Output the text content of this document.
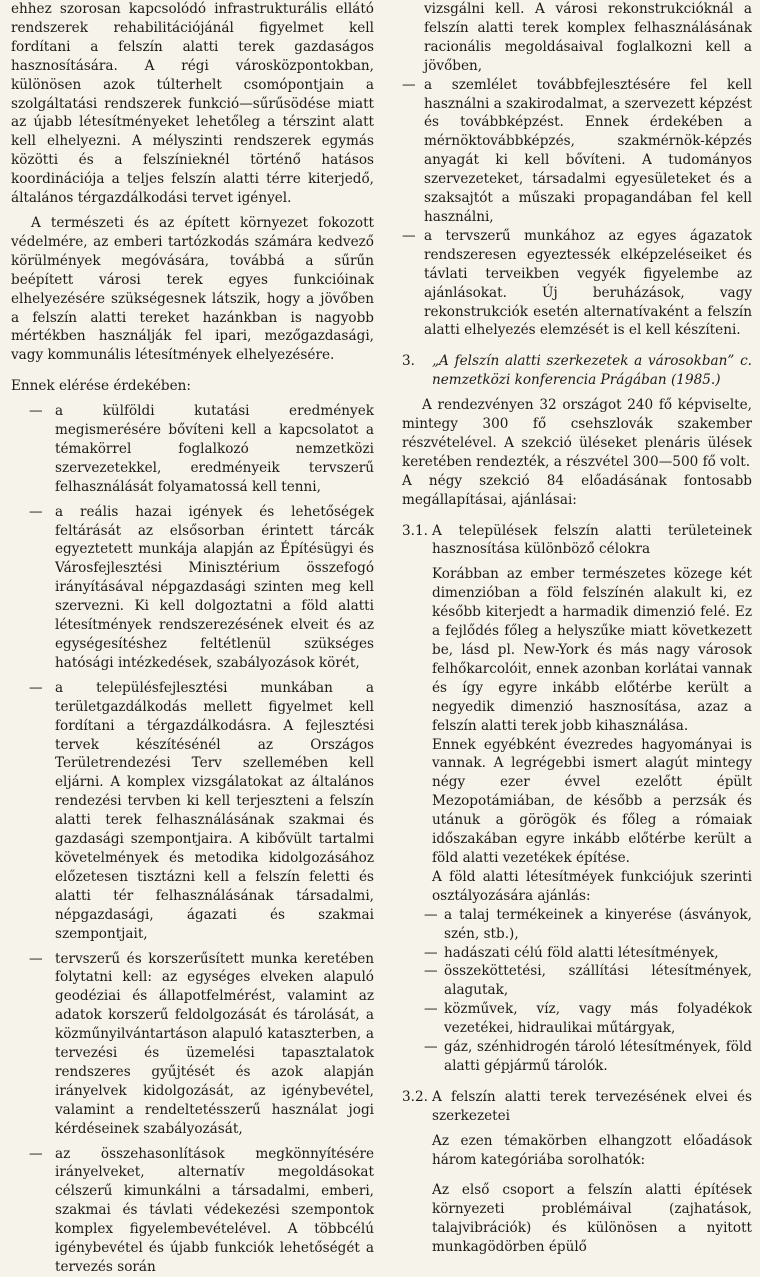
ehhez szorosan kapcsolódó infrastrukturális ellátó rendszerek rehabilitációjánál figyelmet kell fordítani a felszín alatti terek gazdaságos hasznosítására. A régi városközpontokban, különösen azok túlterhelt csomópontjain a szolgáltatási rendszerek funkció—sűrűsödése miatt az újabb létesítményeket lehetőleg a térszint alatt kell elhelyezni. A mélyszinti rendszerek egymás közötti és a felszínieknél történő hatásos koordinációja a teljes felszín alatti térre kiterjedő, általános térgazdálkodási tervet igényel.

A természeti és az épített környezet fokozott védelmére, az emberi tartózkodás számára kedvező körülmények megóvására, továbbá a sűrűn beépített városi terek egyes funkcióinak elhelyezésére szükségesnek látszik, hogy a jövőben a felszín alatti tereket hazánkban is nagyobb mértékben használják fel ipari, mezőgazdasági, vagy kommunális létesítmények elhelyezésére.

Ennek elérése érdekében:

— a külföldi kutatási eredmények megismerésére bővíteni kell a kapcsolatot a témakörrel foglalkozó nemzetközi szervezetekkel, eredményeik tervszerű felhasználását folyamatossá kell tenni,
— a reális hazai igények és lehetőségek feltárását az elsősorban érintett tárcák egyeztetett munkája alapján az Építésügyi és Városfejlesztési Minisztérium összefogó irányításával népgazdasági szinten meg kell szervezni. Ki kell dolgoztatni a föld alatti létesítmények rendszerezésének elveit és az egységesítéshez feltétlenül szükséges hatósági intézkedések, szabályozások körét,
— a településfejlesztési munkában a területgazdálkodás mellett figyelmet kell fordítani a térgazdálkodásra. A fejlesztési tervek készítésénél az Országos Területrendezési Terv szellemében kell eljárni. A komplex vizsgálatokat az általános rendezési tervben ki kell terjeszteni a felszín alatti terek felhasználásának szakmai és gazdasági szempontjaira. A kibővült tartalmi követelmények és metodika kidolgozásához előzetesen tisztázni kell a felszín feletti és alatti tér felhasználásának társadalmi, népgazdasági, ágazati és szakmai szempontjait,
— tervszerű és korszerűsített munka keretében folytatni kell: az egységes elveken alapuló geodéziai és állapotfelmérést, valamint az adatok korszerű feldolgozását és tárolását, a közműnyilvántartáson alapuló kataszterben, a tervezési és üzemelési tapasztalatok rendszeres gyűjtését és azok alapján irányelvek kidolgozását, az igénybevétel, valamint a rendeltetésszerű használat jogi kérdéseinek szabályozását,
— az összehasonlítások megkönnyítésére irányelveket, alternatív megoldásokat célszerű kimunkálni a társadalmi, emberi, szakmai és távlati védekezési szempontok komplex figyelembevételével. A többcélú igénybevétel és újabb funkciók lehetőségét a tervezés során

vizsgálni kell. A városi rekonstrukcióknál a felszín alatti terek komplex felhasználásának racionális megoldásaival foglalkozni kell a jövőben,

— a szemlélet továbbfejlesztésére fel kell használni a szakirodalmat, a szervezett képzést és továbbképzést. Ennek érdekében a mérnöktovábbképzés, szakmérnök-képzés anyagát ki kell bővíteni. A tudományos szervezeteket, társadalmi egyesületeket és a szaksajtót a műszaki propagandában fel kell használni,
— a tervszerű munkához az egyes ágazatok rendszeresen egyeztessék elképzeléseiket és távlati terveikben vegyék figyelembe az ajánlásokat. Új beruházások, vagy rekonstrukciók esetén alternatívaként a felszín alatti elhelyezés elemzését is el kell készíteni.
3.	„A felszín alatti szerkezetek a városokban” c. nemzetközi konferencia Prágában (1985.)

A rendezvényen 32 országot 240 fő képviselte, mintegy 300 fő csehszlovák szakember részvételével. A szekció üléseket plenáris ülések keretében rendezték, a részvétel 300—500 fő volt.

A négy szekció 84 előadásának fontosabb megállapításai, ajánlásai:

3.1. A települések felszín alatti területeinek hasznosítása különböző célokra

Korábban az ember természetes közege két dimenzióban a föld felszínén alakult ki, ez később kiterjedt a harmadik dimenzió felé. Ez a fejlődés főleg a helyszűke miatt következett be, lásd pl. New-York és más nagy városok felhőkarcolóit, ennek azonban korlátai vannak és így egyre inkább előtérbe került a negyedik dimenzió hasznosítása, azaz a felszín alatti terek jobb kihasználása.

Ennek egyébként évezredes hagyományai is vannak. A legrégebbi ismert alagút mintegy négy ezer évvel ezelőtt épült Mezopotámiában, de később a perzsák és utánuk a görögök és főleg a rómaiak időszakában egyre inkább előtérbe került a föld alatti vezetékek építése.

A föld alatti létesítméyek funkciójuk szerinti osztályozására ajánlás:

— a talaj termékeinek a kinyerése (ásványok, szén, stb.),
— hadászati célú föld alatti létesítmények,
— összeköttetési, szállítási létesítmények, alagutak,
— közművek, víz, vagy más folyadékok vezetékei, hidraulikai műtárgyak,
— gáz, szénhidrogén tároló létesítmények, föld alatti gépjármű tárolók.
3.2. A felszín alatti terek tervezésének elvei és szerkezetei

Az ezen témakörben elhangzott előadások három kategóriába sorolhatók:

Az első csoport a felszín alatti építések környezeti problémáival (zajhatások, talajvibrációk) és különösen a nyitott munkagödörben épülő
